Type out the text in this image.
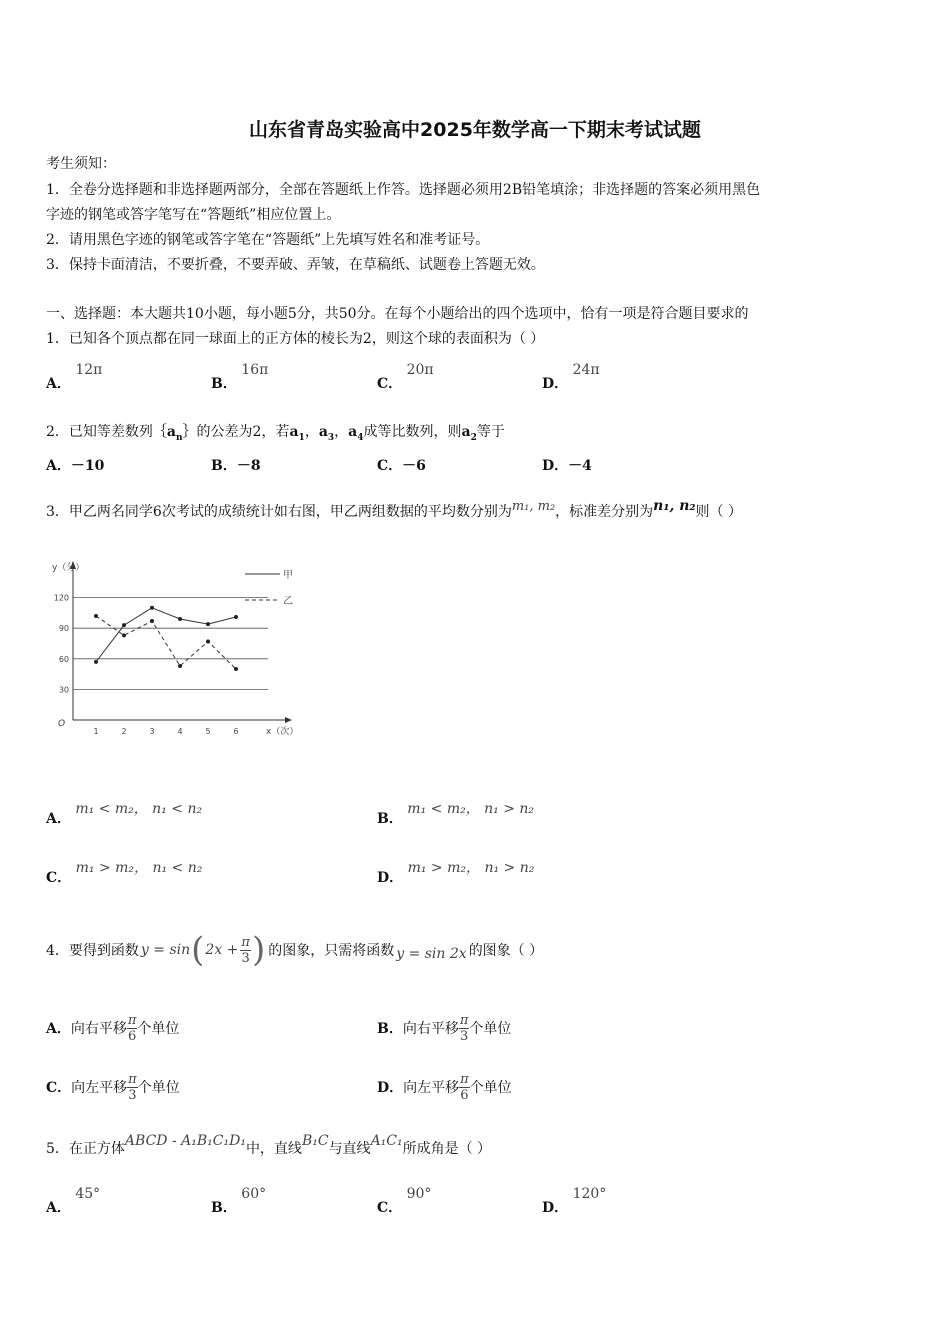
山东省青岛实验高中2025年数学高一下期末考试试题
考生须知：
1．全卷分选择题和非选择题两部分，全部在答题纸上作答。选择题必须用2B铅笔填涂；非选择题的答案必须用黑色
字迹的钢笔或答字笔写在“答题纸”相应位置上。
2．请用黑色字迹的钢笔或答字笔在“答题纸”上先填写姓名和准考证号。
3．保持卡面清洁，不要折叠，不要弄破、弄皱，在草稿纸、试题卷上答题无效。
一、选择题：本大题共10小题，每小题5分，共50分。在每个小题给出的四个选项中，恰有一项是符合题目要求的
1．已知各个顶点都在同一球面上的正方体的棱长为2，则这个球的表面积为（ ）
A． 12π
B． 16π
C． 20π
D． 24π
2．已知等差数列$\{a_n\}$的公差为2，若$a_1$，$a_3$，$a_4$成等比数列，则$a_2$等于
A．－10	B．－8	C．－6	D．－4
3．甲乙两名同学6次考试的成绩统计如右图，甲乙两组数据的平均数分别为m₁, m₂，标准差分别为n₁, n₂则（ ）
30
60
90
120
y（分）
x（次）
O
1	2	3	4	5	6
甲
乙
A． m₁ < m₂， n₁ < n₂
B． m₁ < m₂， n₁ > n₂
C． m₁ > m₂， n₁ < n₂
D． m₁ > m₂， n₁ > n₂
4．要得到函数 y = sin ( $2x + \frac{\pi}{3}$ ) 的图象，只需将函数 y = sin 2x 的图象（ ）
A． 向右平移 $\frac{\pi}{6}$ 个单位	B． 向右平移 $\frac{\pi}{3}$ 个单位
C． 向左平移 $\frac{\pi}{3}$ 个单位	D． 向左平移 $\frac{\pi}{6}$ 个单位
5．在正方体ABCD - A₁B₁C₁D₁中，直线B₁C与直线A₁C₁所成角是（ ）
A． 45°
B． 60°
C． 90°
D． 120°
